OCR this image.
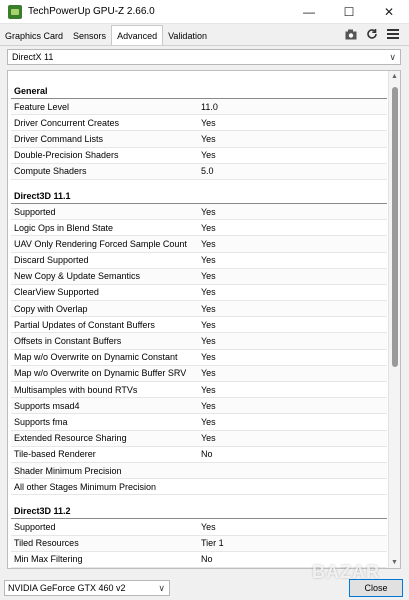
TechPowerUp GPU-Z 2.66.0	—	☐	✕
Graphics Card	Sensors	Advanced	Validation
DirectX 11	∨
General
Feature Level	11.0
Driver Concurrent Creates	Yes
Driver Command Lists	Yes
Double-Precision Shaders	Yes
Compute Shaders	5.0
Direct3D 11.1
Supported	Yes
Logic Ops in Blend State	Yes
UAV Only Rendering Forced Sample Count	Yes
Discard Supported	Yes
New Copy & Update Semantics	Yes
ClearView Supported	Yes
Copy with Overlap	Yes
Partial Updates of Constant Buffers	Yes
Offsets in Constant Buffers	Yes
Map w/o Overwrite on Dynamic Constant	Yes
Map w/o Overwrite on Dynamic Buffer SRV	Yes
Multisamples with bound RTVs	Yes
Supports msad4	Yes
Supports fma	Yes
Extended Resource Sharing	Yes
Tile-based Renderer	No
Shader Minimum Precision
All other Stages Minimum Precision
Direct3D 11.2
Supported	Yes
Tiled Resources	Tier 1
Min Max Filtering	No
▲
▼
NVIDIA GeForce GTX 460 v2	∨	Close
BAZAR
